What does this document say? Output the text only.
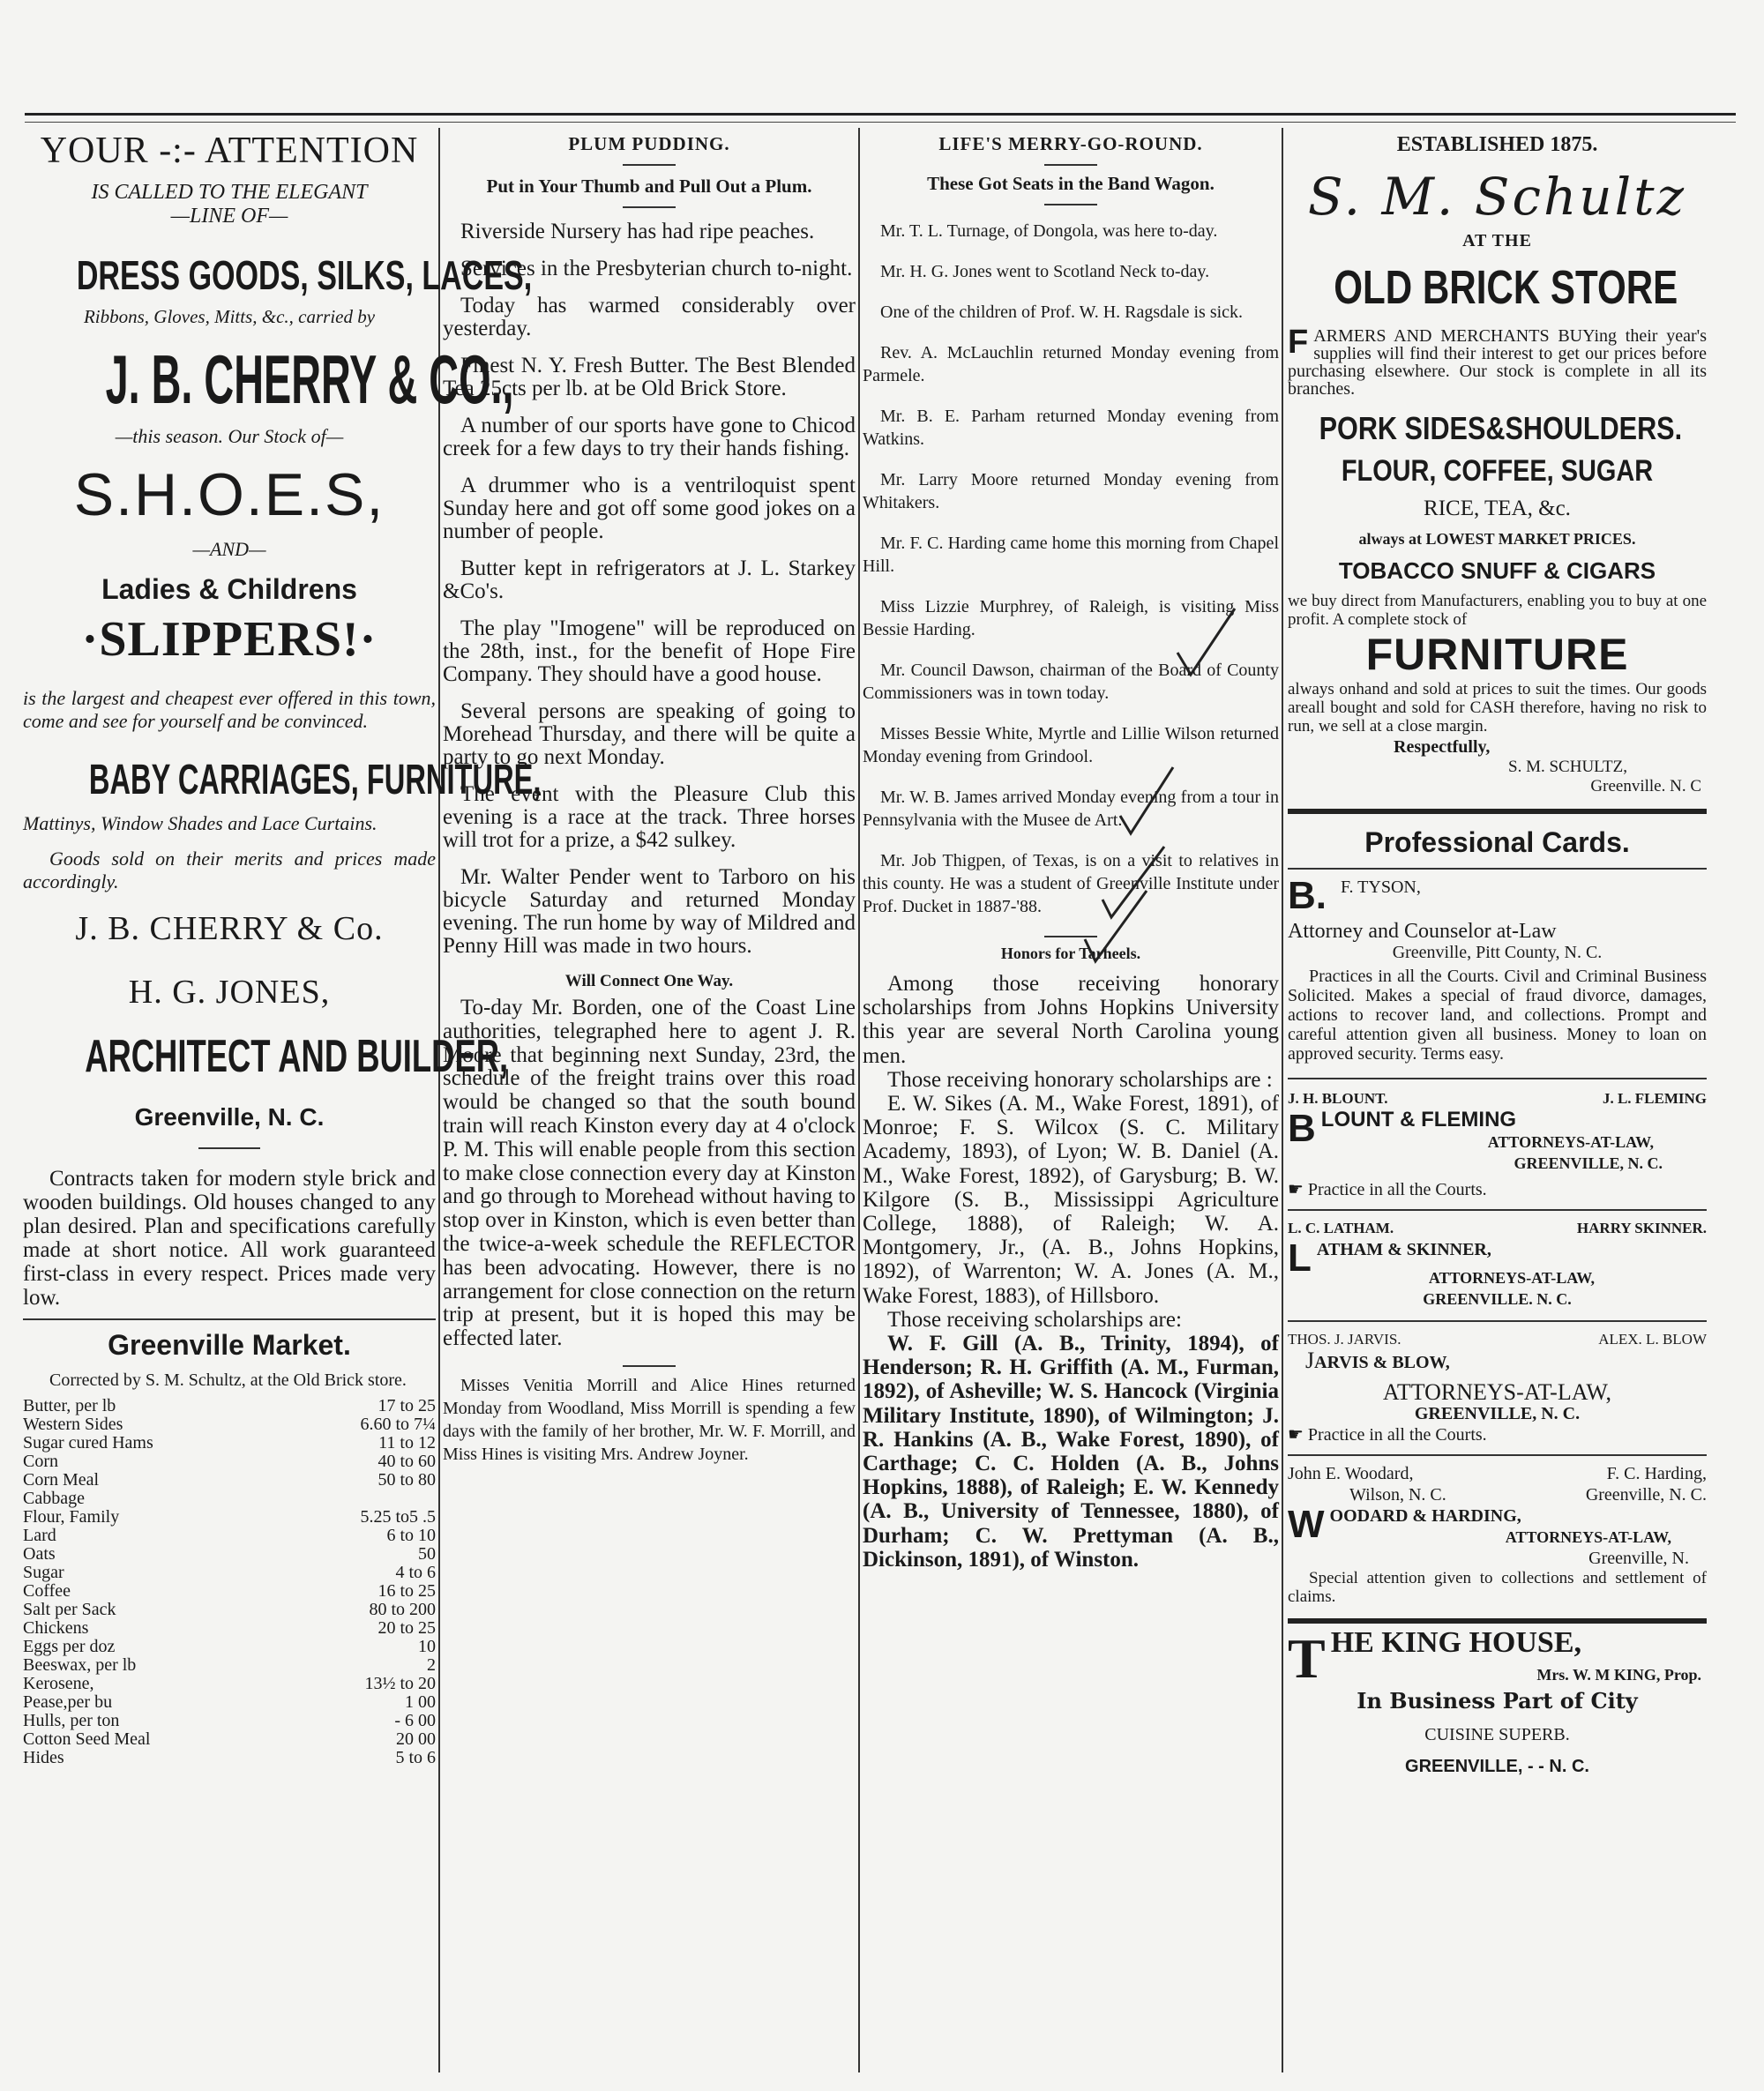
YOUR -:- ATTENTION
IS CALLED TO THE ELEGANT
—LINE OF—
DRESS GOODS, SILKS, LACES,
Ribbons, Gloves, Mitts, &c., carried by
J. B. CHERRY & CO.,
—this season. Our Stock of—
S.H.O.E.S,
—AND—
Ladies & Childrens
·SLIPPERS!·
is the largest and cheapest ever offered in this town, come and see for yourself and be convinced.
BABY CARRIAGES, FURNITURE,
Mattinys, Window Shades and Lace Curtains.
Goods sold on their merits and prices made accordingly.
J. B. CHERRY & Co.
H. G. JONES,
ARCHITECT AND BUILDER,
Greenville, N. C.
Contracts taken for modern style brick and wooden buildings. Old houses changed to any plan desired. Plan and specifications carefully made at short notice. All work guaranteed first-class in every respect. Prices made very low.
Greenville Market.
Corrected by S. M. Schultz, at the Old Brick store.
Butter, per lb	17 to 25
Western Sides	6.60 to 7¼
Sugar cured Hams	11 to 12
Corn	40 to 60
Corn Meal	50 to 80
Cabbage
Flour, Family	5.25 to5 .5
Lard	6 to 10
Oats	50
Sugar	4 to 6
Coffee	16 to 25
Salt per Sack	80 to 200
Chickens	20 to 25
Eggs per doz	10
Beeswax, per lb	2
Kerosene,	13½ to 20
Pease,per bu	1 00
Hulls, per ton	- 6 00
Cotton Seed Meal	20 00
Hides	5 to 6
PLUM PUDDING.
Put in Your Thumb and Pull Out a Plum.
Riverside Nursery has had ripe peaches.
Services in the Presbyterian church to-night.
Today has warmed considerably over yesterday.
Finest N. Y. Fresh Butter. The Best Blended Tea 25cts per lb. at be Old Brick Store.
A number of our sports have gone to Chicod creek for a few days to try their hands fishing.
A drummer who is a ventriloquist spent Sunday here and got off some good jokes on a number of people.
Butter kept in refrigerators at J. L. Starkey &Co's.
The play "Imogene" will be reproduced on the 28th, inst., for the benefit of Hope Fire Company. They should have a good house.
Several persons are speaking of going to Morehead Thursday, and there will be quite a party to go next Monday.
The event with the Pleasure Club this evening is a race at the track. Three horses will trot for a prize, a $42 sulkey.
Mr. Walter Pender went to Tarboro on his bicycle Saturday and returned Monday evening. The run home by way of Mildred and Penny Hill was made in two hours.
Will Connect One Way.
To-day Mr. Borden, one of the Coast Line authorities, telegraphed here to agent J. R. Moore that beginning next Sunday, 23rd, the schedule of the freight trains over this road would be changed so that the south bound train will reach Kinston every day at 4 o'clock P. M. This will enable people from this section to make close connection every day at Kinston and go through to Morehead without having to stop over in Kinston, which is even better than the twice-a-week schedule the REFLECTOR has been advocating. However, there is no arrangement for close connection on the return trip at present, but it is hoped this may be effected later.
Misses Venitia Morrill and Alice Hines returned Monday from Woodland, Miss Morrill is spending a few days with the family of her brother, Mr. W. F. Morrill, and Miss Hines is visiting Mrs. Andrew Joyner.
LIFE'S MERRY-GO-ROUND.
These Got Seats in the Band Wagon.
Mr. T. L. Turnage, of Dongola, was here to-day.
Mr. H. G. Jones went to Scotland Neck to-day.
One of the children of Prof. W. H. Ragsdale is sick.
Rev. A. McLauchlin returned Monday evening from Parmele.
Mr. B. E. Parham returned Monday evening from Watkins.
Mr. Larry Moore returned Monday evening from Whitakers.
Mr. F. C. Harding came home this morning from Chapel Hill.
Miss Lizzie Murphrey, of Raleigh, is visiting Miss Bessie Harding.
Mr. Council Dawson, chairman of the Board of County Commissioners was in town today.
Misses Bessie White, Myrtle and Lillie Wilson returned Monday evening from Grindool.
Mr. W. B. James arrived Monday evening from a tour in Pennsylvania with the Musee de Art.
Mr. Job Thigpen, of Texas, is on a visit to relatives in this county. He was a student of Greenville Institute under Prof. Ducket in 1887-'88.
Honors for Tarheels.
Among those receiving honorary scholarships from Johns Hopkins University this year are several North Carolina young men.
Those receiving honorary scholarships are :
E. W. Sikes (A. M., Wake Forest, 1891), of Monroe; F. S. Wilcox (S. C. Military Academy, 1893), of Lyon; W. B. Daniel (A. M., Wake Forest, 1892), of Garysburg; B. W. Kilgore (S. B., Mississippi Agriculture College, 1888), of Raleigh; W. A. Montgomery, Jr., (A. B., Johns Hopkins, 1892), of Warrenton; W. A. Jones (A. M., Wake Forest, 1883), of Hillsboro.
Those receiving scholarships are:
W. F. Gill (A. B., Trinity, 1894), of Henderson; R. H. Griffith (A. M., Furman, 1892), of Asheville; W. S. Hancock (Virginia Military Institute, 1890), of Wilmington; J. R. Hankins (A. B., Wake Forest, 1890), of Carthage; C. C. Holden (A. B., Johns Hopkins, 1888), of Raleigh; E. W. Kennedy (A. B., University of Tennessee, 1880), of Durham; C. W. Prettyman (A. B., Dickinson, 1891), of Winston.
ESTABLISHED 1875.
S. M. Schultz
AT THE
OLD BRICK STORE
FARMERS AND MERCHANTS BUYing their year's supplies will find their interest to get our prices before purchasing elsewhere. Our stock is complete in all its branches.
PORK SIDES&SHOULDERS.
FLOUR, COFFEE, SUGAR
RICE, TEA, &c.
always at LOWEST MARKET PRICES.
TOBACCO SNUFF & CIGARS
we buy direct from Manufacturers, enabling you to buy at one profit. A complete stock of
FURNITURE
always onhand and sold at prices to suit the times. Our goods areall bought and sold for CASH therefore, having no risk to run, we sell at a close margin.
Respectfully,
S. M. SCHULTZ,
Greenville. N. C
Professional Cards.
B. F. TYSON,
Attorney and Counselor at-Law
Greenville, Pitt County, N. C.
Practices in all the Courts. Civil and Criminal Business Solicited. Makes a special of fraud divorce, damages, actions to recover land, and collections. Prompt and careful attention given all business. Money to loan on approved security. Terms easy.
J. H. BLOUNT.	J. L. FLEMING
BLOUNT & FLEMING
ATTORNEYS-AT-LAW,
GREENVILLE, N. C.
☛ Practice in all the Courts.
L. C. LATHAM.	HARRY SKINNER.
LATHAM & SKINNER,
ATTORNEYS-AT-LAW,
GREENVILLE. N. C.
THOS. J. JARVIS.	ALEX. L. BLOW
JARVIS & BLOW,
ATTORNEYS-AT-LAW,
GREENVILLE, N. C.
☛ Practice in all the Courts.
John E. Woodard,	F. C. Harding,
Wilson, N. C.	Greenville, N. C.
WOODARD & HARDING,
ATTORNEYS-AT-LAW,
Greenville, N.
Special attention given to collections and settlement of claims.
THE KING HOUSE,
Mrs. W. M KING, Prop.
In Business Part of City
CUISINE SUPERB.
GREENVILLE, - - N. C.
